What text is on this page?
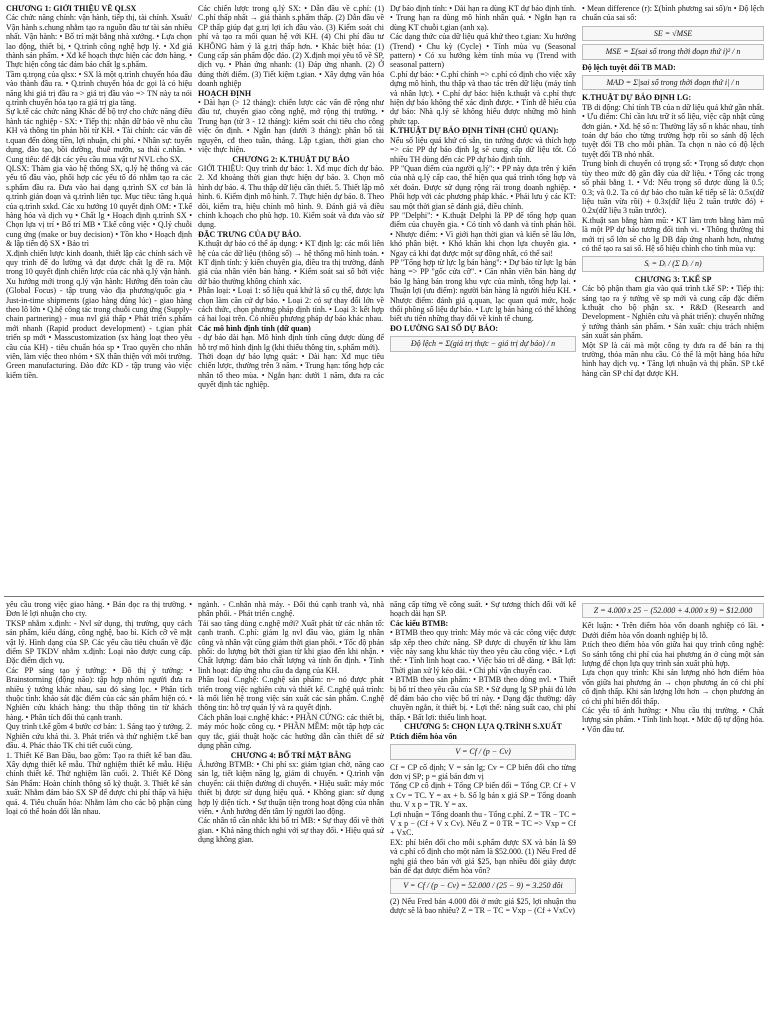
CHƯƠNG 1: GIỚI THIỆU VỀ QLSX

Các chức năng chính: vận hành, tiếp thị, tài chính. Xsuất/ Vận hành s.chung nhằm tạo ra nguồn đầu tư tài sản nhiều nhất. Vận hành: • Bố trí mặt bằng nhà xưởng. • Lựa chọn lao động, thiết bị, • Q.trình công nghệ hợp lý. • Xđ giá thành sản phẩm. • Xđ kế hoạch thực hiện các đơn hàng. • Thực hiện công tác đảm bảo chất lg s.phẩm.

Tầm q.trọng của qlsx: • SX là một q.trình chuyển hóa đầu vào thành đầu ra. • Q.trình chuyển hóa đc gọi là có hiệu năng khi giá trị đầu ra > giá trị đầu vào => TN này ta nói q.trình chuyển hóa tạo ra giá trị gia tăng.

Sự k.tế các chức năng Khác để bộ trợ cho chức năng điều hành tác nghiệp - SX: • Tiếp thị: nhận dữ báo về nhu cầu KH và thông tin phản hồi từ KH. • Tài chính: các vấn đề t.quan đến dòng tiền, lợi nhuận, chi phí. • Nhân sự: tuyển dụng, đào tạo, bồi dưỡng, thuê mướn, sa thải c.nhân. • Cung tiêu: để đặt các yêu cầu mua vật tư NVL cho SX.

QLSX: Thàm gia vào hệ thống SX, q.lý hệ thống và các yếu tố đầu vào, phối hợp các yếu tố đó nhằm tạo ra các s.phẩm đầu ra. Đưa vào hai dạng q.trình SX cơ bản là q.trình gián đoạn và q.trình liên tục. Mục tiêu: tăng h.quả của q.trình sxkd. Các xu hướng 10 quyết định OM: • T.kế hàng hóa và dịch vụ • Chất lg • Hoạch định q.trình SX • Chọn lựa vị trí • Bố trí MB • T.kế công việc • Q.lý chuỗi cung ứng (make or buy decision) • Tồn kho • Hoạch định & lập tiến độ SX • Bảo trì

X.định chiến lược kinh doanh, thiết lập các chính sách về quy trình để đo lường và đạt được chất lg đề ra. Một trong 10 quyết định chiến lược của các nhà q.lý vận hành.

Xu hướng mới trong q.lý vận hành: Hướng đến toàn cầu (Global Focus) - tập trung vào địa phương/quốc gia • Just-in-time shipments (giao hàng đúng lúc) - giao hàng theo lô lớn • Q.hệ công tác trong chuỗi cung ứng (Supply-chain partnering) - mua nvl giá thấp • Phát triển s.phẩm mới nhanh (Rapid product development) - t.gian phát triển sp mới • Masscustomization (sx hàng loạt theo yêu cầu của KH) - tiêu chuẩn hóa sp • Trao quyền cho nhân viên, làm việc theo nhóm • SX thân thiện với môi trường. Green manufacturing. Đào đức KD - tập trung vào việc kiếm tiền.

Các chiến lược trong q.lý SX: • Dẫn đầu về c.phí: (1) C.phí thấp nhất → giá thành s.phẩm thấp. (2) Dẫn đầu về CP thấp giúp đạt g.trị lợi ích đầu vào. (3) Kiểm soát chi phí và tạo ra mối quan hệ với KH. (4) Chi phí đầu tư KHÔNG hàm ý là g.trị thấp hơn. • Khác biệt hóa: (1) Cung cấp sản phẩm độc đáo. (2) X.định mọi yêu tố về SP, dịch vụ. • Phản ứng nhanh: (1) Đáp ứng nhanh. (2) Ở đúng thời điểm. (3) Tiết kiệm t.gian. • Xây dựng văn hóa doanh nghiệp

HOẠCH ĐỊNH

• Dài hạn (> 12 tháng): chiến lược các vấn đề rộng như đầu tư, chuyển giao công nghệ, mở rộng thị trường. • Trung hạn (từ 3 - 12 tháng): kiểm soát chi tiêu cho công việc ổn định. • Ngắn hạn (dưới 3 tháng): phân bổ tài nguyên, cđ theo tuần, tháng. Lập t.gian, thời gian cho việc thực hiện.

CHƯƠNG 2: K.THUẬT DỰ BÁO

GIỚI THIỆU: Quy trình dự báo: 1. Xđ mục đích dự báo. 2. Xđ khoảng thời gian thực hiện dự báo. 3. Chọn mô hình dự báo. 4. Thu thập dữ liệu cần thiết. 5. Thiết lập mô hình. 6. Kiểm định mô hình. 7. Thực hiện dự báo. 8. Theo dõi, kiểm tra, hiệu chỉnh mô hình. 9. Đánh giá và điều chỉnh k.hoạch cho phù hợp. 10. Kiểm soát và đưa vào sử dụng.

ĐẶC TRƯNG CỦA DỰ BÁO.

K.thuật dự báo có thể áp dụng: • KT định lg: các mối liên hệ của các dữ liệu (thông số) → hệ thống mô hình toán. • KT định tính: ý kiến chuyên gia, điều tra thị trường, đánh giá của nhân viên bán hàng. • Kiểm soát sai số bởi việc dữ báo thường không chính xác.

Phân loại: • Loại 1: số liệu quá khứ là số cụ thể, được lựa chọn làm căn cứ dự báo. • Loại 2: có sự thay đổi lớn về cách thức, chọn phương pháp định tính. • Loại 3: kết hợp cả hai loại trên. Có nhiều phương pháp dự báo khác nhau.

Các mô hình định tính (dữ quan)

- dự báo dài hạn. Mô hình định tính cũng được dùng để hỗ trợ mô hình định lg (khi thiếu thông tin, s.phẩm mới).

Thời đoạn dự báo lựng quát: • Dài hạn: Xđ mục tiêu chiến lược, thường trên 3 năm. • Trung hạn: tổng hợp các nhân tố theo mùa. • Ngắn hạn: dưới 1 năm, đưa ra các quyết định tác nghiệp.

Dự báo định tính: • Dài hạn ra dùng KT dự báo định tính. • Trung hạn ra dùng mô hình nhân quả. • Ngắn hạn ra dùng KT chuỗi t.gian (anh xạ).

Các dạng thức của dữ liệu quá khứ theo t.gian: Xu hướng (Trend) • Chu kỳ (Cycle) • Tính mùa vụ (Seasonal pattern) • Có xu hướng kèm tính mùa vụ (Trend with seasonal pattern)

C.phí dự báo: • C.phí chính => c.phí có định cho việc xây dựng mô hình, thu thập và thao tác trên dữ liệu (máy tính và nhân lực). • C.phí dự báo: hiện k.thuật và c.phí thực hiện dự báo không thể xác định được. • Tính dễ hiểu của dự báo: Nhà q.lý sẽ không hiểu được những mô hình phức tạp.

K.THUẬT DỰ BÁO ĐỊNH TÍNH (CHỦ QUAN):

Nếu số liệu quá khứ có sẵn, tin tưởng được và thích hợp => các PP dự báo định lg sẽ cung cấp dữ liệu tốt. Có nhiều TH dùng đến các PP dự báo định tính.

PP "Quan điểm của người q.lý": • PP này dựa trên ý kiến của nhà q.lý cấp cao, thể hiện qua quá trình tổng hợp và xét đoán. Được sử dụng rộng rãi trong doanh nghiệp. • Phối hợp với các phương pháp khác. • Phải lưu ý các KT: sau một thời gian sẽ đánh giá, điều chỉnh.

PP "Delphi": • K.thuật Delphi là PP để tổng hợp quan điểm của chuyên gia. • Có tính vô danh và tính phản hồi. • Nhược điểm: • Vì giới hạn thời gian và kiến sẽ lâu lớn, khó phân biệt. • Khó khăn khi chọn lựa chuyên gia. • Ngay cả khi đạt được một sự đồng nhất, có thể sai!

PP "Tổng hợp từ lực lg bán hàng": • Dự báo từ lực lg bán hàng => PP "gốc cửa cỡ". • Căn nhân viên bán hàng dự báo lg hàng bán trong khu vực của mình, tổng hợp lại. • Thuận lợi (ưu điểm): người bán hàng là người hiểu KH. • Nhược điểm: đánh giá q.quan, lạc quan quá mức, hoặc thổi phồng số liệu dự báo. • Lực lg bán hàng có thể không biết ưu tiên những thay đổi về kinh tế chung.

ĐO LƯỜNG SAI SỐ DỰ BÁO:

Độ lệch = Σ(giá trị thực − giá trị dự báo) / n

• Mean difference (r): Σ(bình phương sai số)/n • Độ lệch chuẩn của sai số:

SE = √MSE
MSE = Σ(sai số trong thời đoạn thứ i)² / n

Độ lệch tuyệt đối TB MAD:

MAD = Σ|sai số trong thời đoạn thứ i| / n

K.THUẬT DỰ BÁO ĐỊNH LG:

TB di động: Chỉ tính TB của n dữ liệu quá khứ gần nhất. • Ưu điểm: Chỉ cần lưu trữ ít số liệu, việc cập nhật cũng đơn giản. • Xđ. hệ số n: Thường lấy số n khác nhau, tính toán dự báo cho từng trường hợp rồi so sánh độ lệch tuyệt đối TB cho mỗi phần. Ta chọn n nào có độ lệch tuyệt đối TB nhỏ nhất.

Trung bình di chuyển có trọng số: • Trọng số được chọn tùy theo mức độ gần đây của dữ liệu. • Tổng các trọng số phải bằng 1. • Vd: Nếu trọng số được dùng là 0.5; 0.3; và 0.2. Ta có dự báo cho tuần kế tiếp sẽ là: 0.5x(dữ liệu tuần vừa rồi) + 0.3x(dữ liệu 2 tuần trước đó) + 0.2x(dữ liệu 3 tuần trước).

K.thuật san bằng hàm mũ: • KT làm trơn bằng hàm mũ là một PP dự báo tương đối tinh vi. • Thông thường thì mới trị số lớn sẽ cho lg DB đáp ứng nhanh hơn, nhưng có thể tạo ra sai số. Hệ số hiệu chỉnh cho tính mùa vụ:

Sᵢ = Dᵢ / (Σ Dᵢ / n)

CHƯƠNG 3: T.KẾ SP

Các bộ phận tham gia vào quá trình t.kế SP: • Tiếp thị: sáng tạo ra ý tưởng về sp mới và cung cấp đặc điểm k.thuật cho bộ phận sx. • R&D (Research and Development - Nghiên cứu và phát triển): chuyển những ý tưởng thành sản phẩm. • Sản xuất: chịu trách nhiệm sản xuất sản phẩm.

Một SP là cái mà một công ty đưa ra để bán ra thị trường, thỏa mãn nhu cầu. Có thể là một hàng hóa hữu hình hay dịch vụ. • Tăng lợi nhuận và thị phần. SP t.kế hàng cần SP chỉ đạt được KH.

yêu cầu trong việc giao hàng. • Bản đọc ra thị trường. • Đơn lẻ lợi nhuận cho cty.

TKSP nhằm x.định: - Nvl sử dụng, thị trường, quy cách sản phẩm, kiểu dáng, công nghệ, bao bì. Kích cỡ về mặt vật lý. Hình dạng của SP. Các yếu cầu tiêu chuẩn về đặc điểm SP TKDV nhằm x.định: Loại nào được cung cấp. Đặc điểm dịch vụ.

Các PP sáng tạo ý tưởng: • Đồ thị ý tưởng: • Brainstorming (động não): tập hợp nhóm người đưa ra nhiều ý tưởng khác nhau, sau đó sàng lọc. • Phân tích thuộc tính: khảo sát đặc điểm của các sản phẩm hiện có. • Nghiên cứu khách hàng: thu thập thông tin từ khách hàng. • Phân tích đối thủ cạnh tranh.

Quy trình t.kế gồm 4 bước cơ bản: 1. Sáng tạo ý tưởng. 2. Nghiên cứu khả thi. 3. Phát triển và thử nghiệm t.kế ban đầu. 4. Phác thảo TK chi tiết cuối cùng.

1. Thiết Kế Ban Đầu, bao gồm: Tạo ra thiết kế ban đầu. Xây dựng thiết kế mẫu. Thử nghiệm thiết kế mẫu. Hiệu chỉnh thiết kế. Thử nghiệm lần cuối. 2. Thiết Kế Dòng Sản Phẩm: Hoàn chỉnh thông số kỹ thuật. 3. Thiết kế sản xuất: Nhằm đảm bảo SX SP để được chi phí thấp và hiệu quả. 4. Tiêu chuẩn hóa: Nhằm làm cho các bộ phận cùng loại có thể hoán đổi lẫn nhau.

ngành. - C.nhân nhà máy. - Đối thủ cạnh tranh và, nhà phân phối. - Phát triển c.nghệ.

Tái sao tăng dùng c.nghệ mới? Xuất phát từ các nhân tố: cạnh tranh. C.phí: giảm lg nvl đầu vào, giảm lg nhân công và nhân vật cũng giảm thời gian phối. • Tốc độ phản phối: do lượng bớt thời gian từ khi giao đến khi nhận. • Chất lượng: đảm bảo chất lượng và tính ổn định. • Tính linh hoạt: đáp ứng nhu cầu đa dạng của KH.

Phân loại C.nghệ: C.nghệ sản phẩm: n~ nó được phát triển trong việc nghiên cứu và thiết kế. C.nghệ quá trình: là mối liên hệ trong việc sản xuất các sản phẩm. C.nghệ thông tin: hỗ trợ quản lý và ra quyết định.

Cách phân loại c.nghệ khác: • PHẦN CỨNG: các thiết bị, máy móc hoặc công cụ. • PHẦN MỀM: một tập hợp các quy tắc, giải thuật hoặc các hướng dẫn cần thiết để sử dụng phần cứng.

CHƯƠNG 4: BỐ TRÍ MẶT BẰNG

Ả.hưởng BTMB: • Chi phí sx: giảm tgian chờ, năng cao sản lg, tiết kiệm năng lg, giảm di chuyển. • Q.trình vận chuyển: cải thiện đường di chuyển. • Hiệu suất: máy móc thiết bị được sử dụng hiệu quả. • Không gian: sử dụng hợp lý diện tích. • Sự thuận tiện trong hoạt động của nhân viên. • Ảnh hưởng đến tâm lý người lao động.

Các nhân tố cần nhắc khi bố trí MB: • Sự thay đổi về thời gian. • Khả năng thích nghi với sự thay đổi. • Hiệu quả sử dụng không gian.

năng cấp từng về công suất. • Sự tương thích đối với kế hoạch dài hạn SP.

Các kiểu BTMB:

• BTMB theo quy trình: Máy móc và các công việc được sắp xếp theo chức năng. SP được di chuyển từ khu làm việc này sang khu khác tùy theo yêu cầu công việc. • Lợi thế: • Tính linh hoạt cao. • Việc bảo trì dễ dàng. • Bất lợi: Thời gian xử lý kéo dài. • Chi phí vận chuyển cao.

• BTMB theo sản phẩm: • BTMB theo dòng nvl. • Thiết bị bố trí theo yêu cầu của SP. • Sử dụng lg SP phải đủ lớn để đảm bảo cho việc bố trí này. • Dạng đặc thường: dây chuyền ngắn, ít thiết bị. • Lợi thế: năng suất cao, chi phí thấp. • Bất lợi: thiếu linh hoạt.

CHƯƠNG 5: CHỌN LỰA Q.TRÌNH S.XUẤT

P.tích điểm hòa vốn

V = Cf / (p − Cv)

Cf = CP cố định; V = sản lg; Cv = CP biến đổi cho từng đơn vị SP; p = giá bán đơn vị

Tổng CP cố định + Tổng CP biến đổi = Tổng CP. Cf + V x Cv = TC. Y = ax + b. Số lg bán x giá SP = Tổng doanh thu. V x p = TR. Y = ax.

Lợi nhuận = Tổng doanh thu - Tổng c.phí. Z = TR − TC = V x p − (Cf + V x Cv). Nếu Z = 0 TR = TC => Vxp = Cf + VxC.

EX: phí biến đổi cho mỗi s.phẩm được SX và bán là $9 và c.phí cố định cho một năm là $52.000. (1) Nếu Fred để nghị giá theo bán với giá $25, bạn nhiều đôi giày được bán để đạt được điểm hòa vốn?

V = Cf / (p − Cv) = 52.000 / (25 − 9) = 3.250 đôi

(2) Nếu Fred bán 4.000 đôi ở mức giá $25, lợi nhuận thu được sẽ là bao nhiêu? Z = TR − TC = Vxp − (Cf + VxCv)

Z = 4.000 x 25 − (52.000 + 4.000 x 9) = $12.000

Kết luận: • Trên điểm hòa vốn doanh nghiệp có lãi. • Dưới điểm hòa vốn doanh nghiệp bị lỗ.

P.tích theo điểm hòa vốn giữa hai quy trình công nghệ: So sánh tổng chi phí của hai phương án ở cùng một sản lượng để chọn lựa quy trình sản xuất phù hợp.

Lựa chọn quy trình: Khi sản lượng nhỏ hơn điểm hòa vốn giữa hai phương án → chọn phương án có chi phí cố định thấp. Khi sản lượng lớn hơn → chọn phương án có chi phí biến đổi thấp.

Các yếu tố ảnh hưởng: • Nhu cầu thị trường. • Chất lượng sản phẩm. • Tính linh hoạt. • Mức độ tự động hóa. • Vốn đầu tư.
